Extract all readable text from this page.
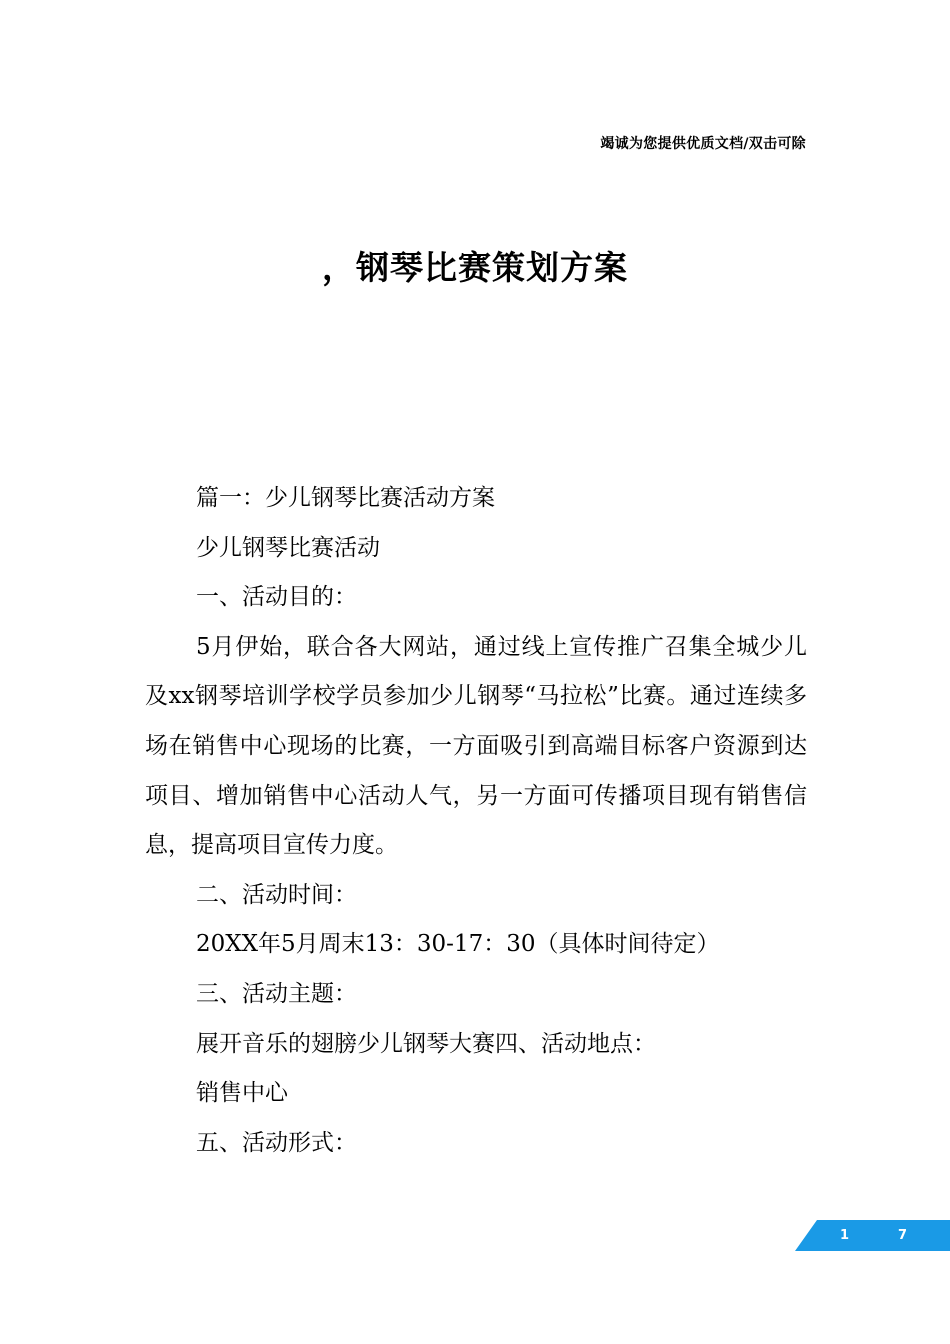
竭诚为您提供优质文档/双击可除
，钢琴比赛策划方案

篇一：少儿钢琴比赛活动方案

少儿钢琴比赛活动

一、活动目的：

5月伊始，联合各大网站，通过线上宣传推广召集全城少儿及xx钢琴培训学校学员参加少儿钢琴“马拉松”比赛。通过连续多场在销售中心现场的比赛，一方面吸引到高端目标客户资源到达项目、增加销售中心活动人气，另一方面可传播项目现有销售信息，提高项目宣传力度。

二、活动时间：

20XX年5月周末13：30-17：30（具体时间待定）

三、活动主题：

展开音乐的翅膀少儿钢琴大赛四、活动地点：

销售中心

五、活动形式：

1	7
